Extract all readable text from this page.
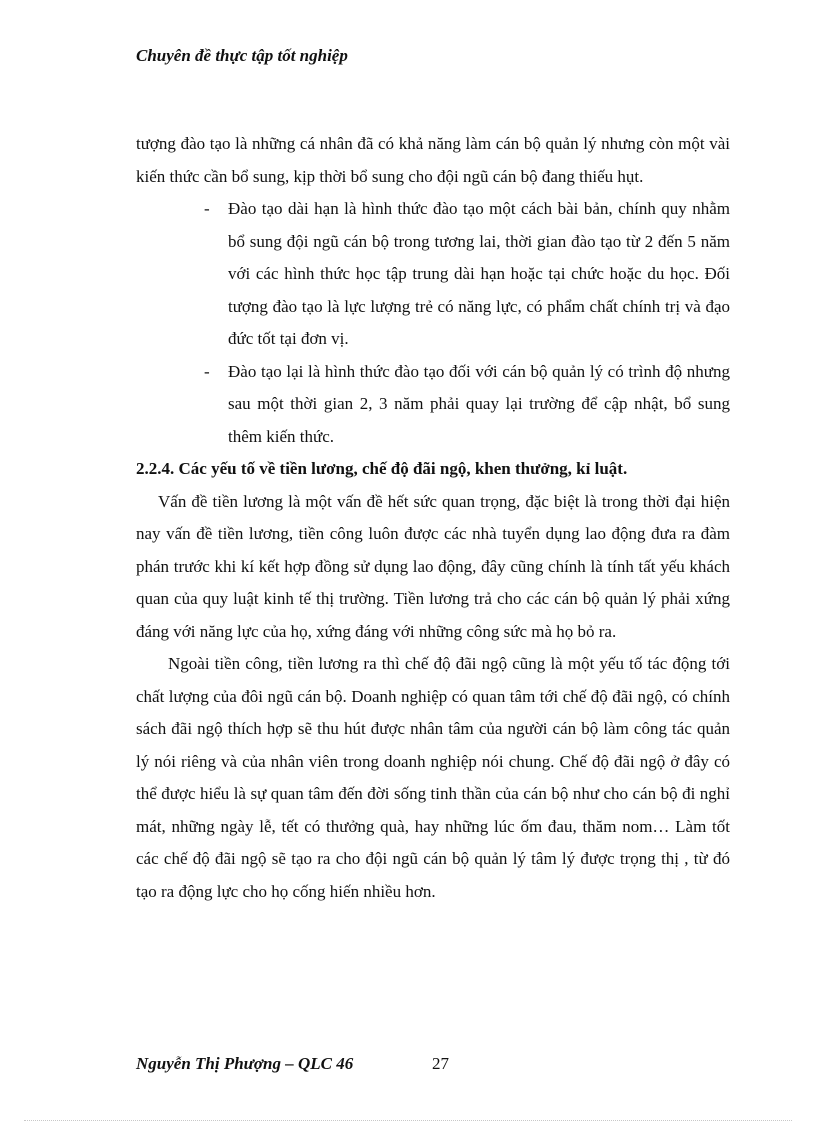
Chuyên đề thực tập tốt nghiệp

tượng đào tạo là những cá nhân đã có khả năng làm cán bộ quản lý nhưng còn một vài kiến thức cần bổ sung, kịp thời bổ sung cho đội ngũ cán bộ đang thiếu hụt.

- Đào tạo dài hạn là hình thức đào tạo một cách bài bản, chính quy nhằm bổ sung đội ngũ cán bộ trong tương lai, thời gian đào tạo từ 2 đến 5 năm với các hình thức học tập trung dài hạn hoặc tại chức hoặc du học. Đối tượng đào tạo là lực lượng trẻ có năng lực, có phẩm chất chính trị và đạo đức tốt tại đơn vị.
- Đào tạo lại là hình thức đào tạo đối với cán bộ quản lý có trình độ nhưng sau một thời gian 2, 3 năm phải quay lại trường để cập nhật, bổ sung thêm kiến thức.

2.2.4. Các yếu tố về tiền lương, chế độ đãi ngộ, khen thưởng, kỉ luật.

Vấn đề tiền lương là một vấn đề hết sức quan trọng, đặc biệt là trong thời đại hiện nay vấn đề tiền lương, tiền công luôn được các nhà tuyển dụng lao động đưa ra đàm phán trước khi kí kết hợp đồng sử dụng lao động, đây cũng chính là tính tất yếu khách quan của quy luật kinh tế thị trường. Tiền lương trả cho các cán bộ quản lý phải xứng đáng với năng lực của họ, xứng đáng với những công sức mà họ bỏ ra.

Ngoài tiền công, tiền lương ra thì chế độ đãi ngộ cũng là một yếu tố tác động tới chất lượng của đôi ngũ cán bộ. Doanh nghiệp có quan tâm tới chế độ đãi ngộ, có chính sách đãi ngộ thích hợp sẽ thu hút được nhân tâm của người cán bộ làm công tác quản lý nói riêng và của nhân viên trong doanh nghiệp nói chung. Chế độ đãi ngộ ở đây có thể được hiểu là sự quan tâm đến đời sống tinh thần của cán bộ như cho cán bộ đi nghỉ mát, những ngày lễ, tết có thưởng quà, hay những lúc ốm đau, thăm nom… Làm tốt các chế độ đãi ngộ sẽ tạo ra cho đội ngũ cán bộ quản lý tâm lý được trọng thị , từ đó tạo ra động lực cho họ cống hiến nhiều hơn.

Nguyễn Thị Phượng – QLC 46	27
